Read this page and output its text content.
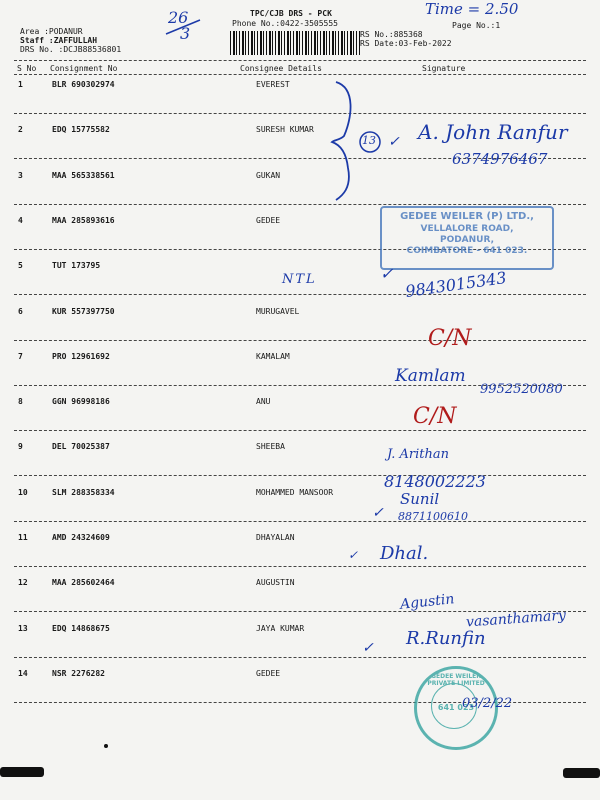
Area :PODANUR
Staff :ZAFFULLAH
DRS No. :DCJB88536801
TPC/CJB DRS - PCK
Phone No.:0422-3505555
RS No.:885368
RS Date:03-Feb-2022
Page No.:1
Time = 2.50
26
3
S No Consignment No	Consignee Details	Signature
1	BLR 690302974	EVEREST
2	EDQ 15775582	SURESH KUMAR
3	MAA 565338561	GUKAN
4	MAA 285893616	GEDEE
5	TUT 173795
6	KUR 557397750	MURUGAVEL
7	PRO 12961692	KAMALAM
8	GGN 96998186	ANU
9	DEL 70025387	SHEEBA
10	SLM 288358334	MOHAMMED MANSOOR
11	AMD 24324609	DHAYALAN
12	MAA 285602464	AUGUSTIN
13	EDQ 14868675	JAYA KUMAR
14	NSR 2276282	GEDEE
13 ✓ A. John Ranfur
6374976467
GEDEE WEILER (P) LTD.,
VELLALORE ROAD,
PODANUR,
COIMBATORE - 641 023.
NTL	✓ 9843015343
C/N
Kamlam
9952520080
C/N
J. Arithan
8148002223
Sunil
8871100610
✓
✓ Dhal.
Agustin
vasanthamary
✓ R.Runfin
GEDEE WEILER PRIVATE LIMITED
641 023
03/2/22
